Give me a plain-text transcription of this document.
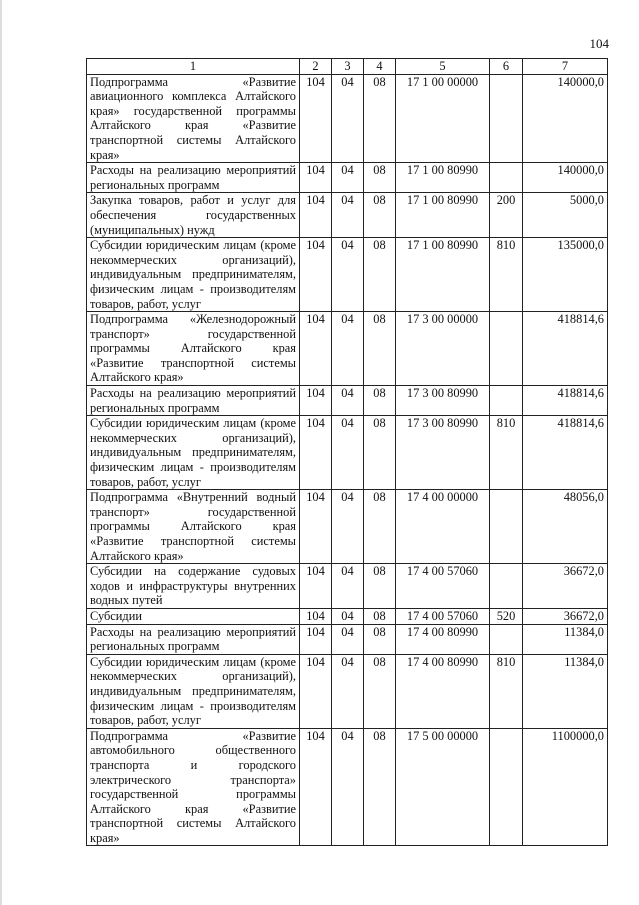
104
1	2	3	4	5	6	7
Подпрограмма «Развитие авиационного комплекса Алтайского края» государственной программы Алтайского края «Развитие транспортной системы Алтайского края»	104	04	08	17 1 00 00000		140000,0
Расходы на реализацию мероприятий региональных программ	104	04	08	17 1 00 80990		140000,0
Закупка товаров, работ и услуг для обеспечения государственных (муниципальных) нужд	104	04	08	17 1 00 80990	200	5000,0
Субсидии юридическим лицам (кроме некоммерческих организаций), индивидуальным предпринимателям, физическим лицам - производителям товаров, работ, услуг	104	04	08	17 1 00 80990	810	135000,0
Подпрограмма «Железнодорожный транспорт» государственной программы Алтайского края «Развитие транспортной системы Алтайского края»	104	04	08	17 3 00 00000		418814,6
Расходы на реализацию мероприятий региональных программ	104	04	08	17 3 00 80990		418814,6
Субсидии юридическим лицам (кроме некоммерческих организаций), индивидуальным предпринимателям, физическим лицам - производителям товаров, работ, услуг	104	04	08	17 3 00 80990	810	418814,6
Подпрограмма «Внутренний водный транспорт» государственной программы Алтайского края «Развитие транспортной системы Алтайского края»	104	04	08	17 4 00 00000		48056,0
Субсидии на содержание судовых ходов и инфраструктуры внутренних водных путей	104	04	08	17 4 00 57060		36672,0
Субсидии	104	04	08	17 4 00 57060	520	36672,0
Расходы на реализацию мероприятий региональных программ	104	04	08	17 4 00 80990		11384,0
Субсидии юридическим лицам (кроме некоммерческих организаций), индивидуальным предпринимателям, физическим лицам - производителям товаров, работ, услуг	104	04	08	17 4 00 80990	810	11384,0
Подпрограмма «Развитие автомобильного общественного транспорта и городского электрического транспорта» государственной программы Алтайского края «Развитие транспортной системы Алтайского края»	104	04	08	17 5 00 00000		1100000,0
